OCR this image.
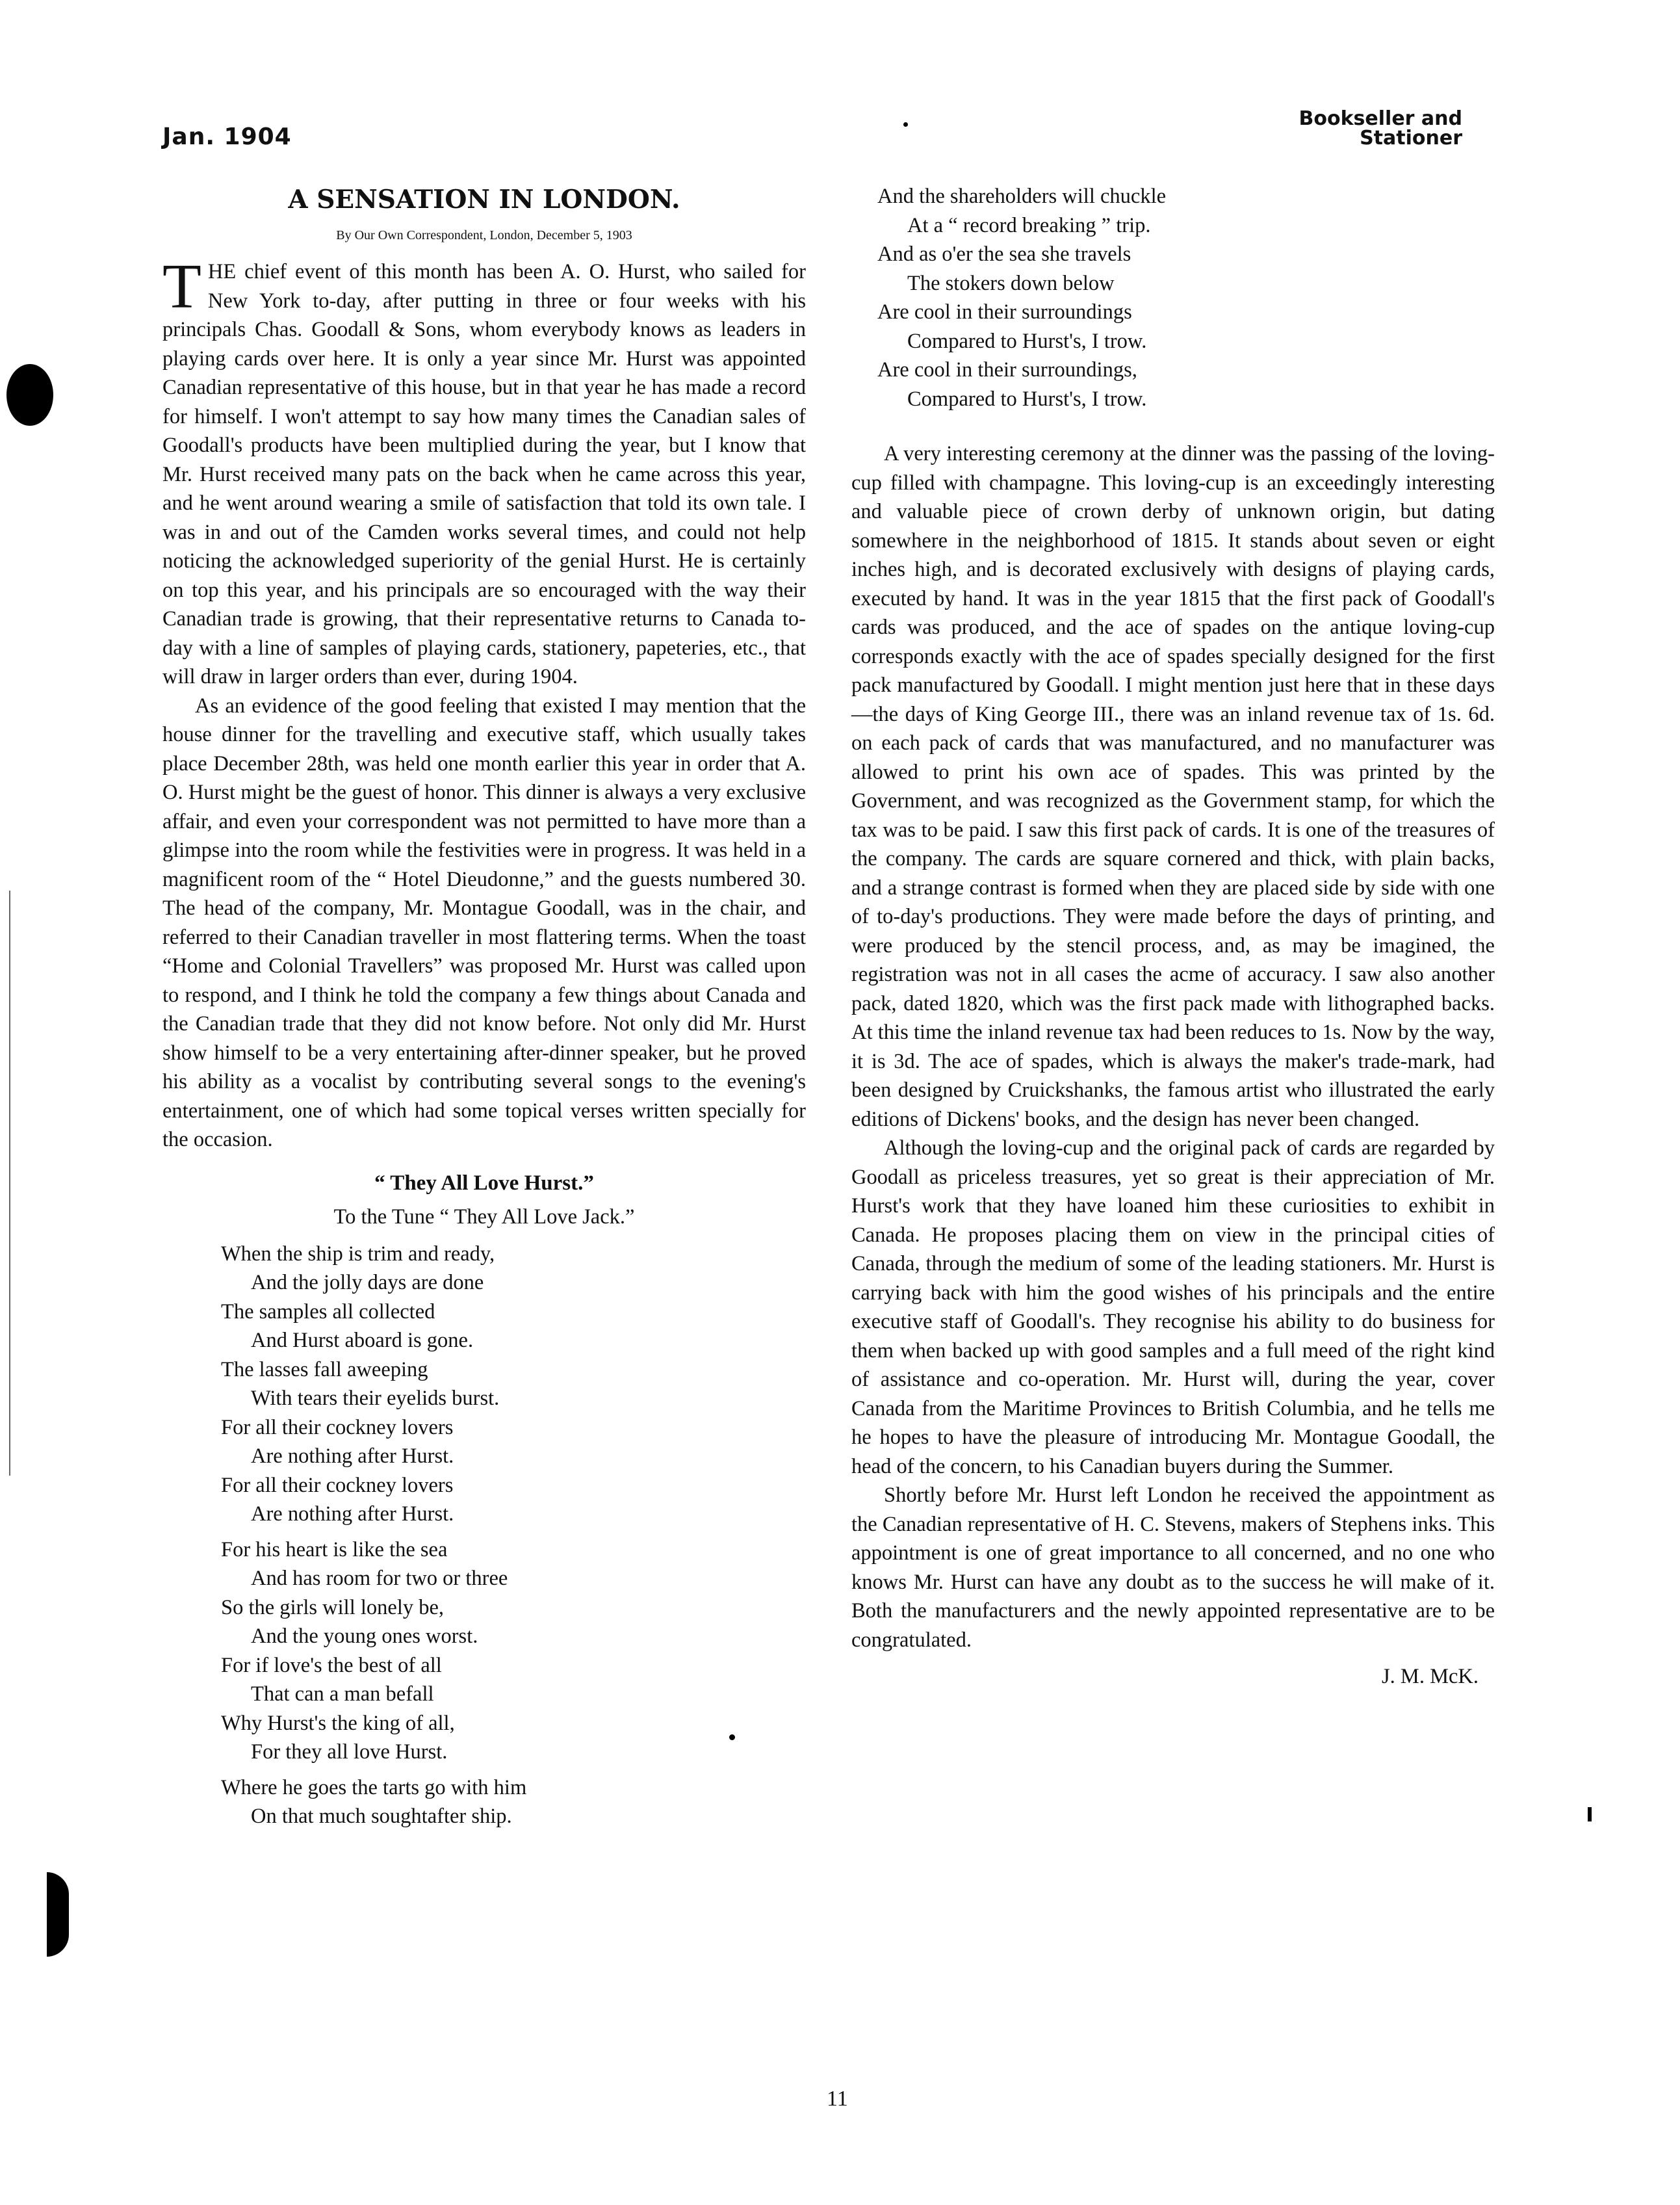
Jan. 1904
Bookseller and
Stationer
A SENSATION IN LONDON.
By Our Own Correspondent, London, December 5, 1903

THE chief event of this month has been A. O. Hurst, who sailed for New York to-day, after putting in three or four weeks with his principals Chas. Goodall & Sons, whom everybody knows as leaders in playing cards over here. It is only a year since Mr. Hurst was appointed Canadian representative of this house, but in that year he has made a record for himself. I won't attempt to say how many times the Canadian sales of Goodall's products have been multiplied during the year, but I know that Mr. Hurst received many pats on the back when he came across this year, and he went around wearing a smile of satisfaction that told its own tale. I was in and out of the Camden works several times, and could not help noticing the acknowledged superiority of the genial Hurst. He is certainly on top this year, and his principals are so encouraged with the way their Canadian trade is growing, that their representative returns to Canada to-day with a line of samples of playing cards, stationery, papeteries, etc., that will draw in larger orders than ever, during 1904.

As an evidence of the good feeling that existed I may mention that the house dinner for the travelling and executive staff, which usually takes place December 28th, was held one month earlier this year in order that A. O. Hurst might be the guest of honor. This dinner is always a very exclusive affair, and even your correspondent was not permitted to have more than a glimpse into the room while the festivities were in progress. It was held in a magnificent room of the “ Hotel Dieudonne,” and the guests numbered 30. The head of the company, Mr. Montague Goodall, was in the chair, and referred to their Canadian traveller in most flattering terms. When the toast “Home and Colonial Travellers” was proposed Mr. Hurst was called upon to respond, and I think he told the company a few things about Canada and the Canadian trade that they did not know before. Not only did Mr. Hurst show himself to be a very entertaining after-dinner speaker, but he proved his ability as a vocalist by contributing several songs to the evening's entertainment, one of which had some topical verses written specially for the occasion.

“ They All Love Hurst.”
To the Tune “ They All Love Jack.”
When the ship is trim and ready,
And the jolly days are done
The samples all collected
And Hurst aboard is gone.
The lasses fall aweeping
With tears their eyelids burst.
For all their cockney lovers
Are nothing after Hurst.
For all their cockney lovers
Are nothing after Hurst.
For his heart is like the sea
And has room for two or three
So the girls will lonely be,
And the young ones worst.
For if love's the best of all
That can a man befall
Why Hurst's the king of all,
For they all love Hurst.
Where he goes the tarts go with him
On that much soughtafter ship.
And the shareholders will chuckle
At a “ record breaking ” trip.
And as o'er the sea she travels
The stokers down below
Are cool in their surroundings
Compared to Hurst's, I trow.
Are cool in their surroundings,
Compared to Hurst's, I trow.

A very interesting ceremony at the dinner was the passing of the loving-cup filled with champagne. This loving-cup is an exceedingly interesting and valuable piece of crown derby of unknown origin, but dating somewhere in the neighborhood of 1815. It stands about seven or eight inches high, and is decorated exclusively with designs of playing cards, executed by hand. It was in the year 1815 that the first pack of Goodall's cards was produced, and the ace of spades on the antique loving-cup corresponds exactly with the ace of spades specially designed for the first pack manufactured by Goodall. I might mention just here that in these days—the days of King George III., there was an inland revenue tax of 1s. 6d. on each pack of cards that was manufactured, and no manufacturer was allowed to print his own ace of spades. This was printed by the Government, and was recognized as the Government stamp, for which the tax was to be paid. I saw this first pack of cards. It is one of the treasures of the company. The cards are square cornered and thick, with plain backs, and a strange contrast is formed when they are placed side by side with one of to-day's productions. They were made before the days of printing, and were produced by the stencil process, and, as may be imagined, the registration was not in all cases the acme of accuracy. I saw also another pack, dated 1820, which was the first pack made with lithographed backs. At this time the inland revenue tax had been reduces to 1s. Now by the way, it is 3d. The ace of spades, which is always the maker's trade-mark, had been designed by Cruickshanks, the famous artist who illustrated the early editions of Dickens' books, and the design has never been changed.

Although the loving-cup and the original pack of cards are regarded by Goodall as priceless treasures, yet so great is their appreciation of Mr. Hurst's work that they have loaned him these curiosities to exhibit in Canada. He proposes placing them on view in the principal cities of Canada, through the medium of some of the leading stationers. Mr. Hurst is carrying back with him the good wishes of his principals and the entire executive staff of Goodall's. They recognise his ability to do business for them when backed up with good samples and a full meed of the right kind of assistance and co-operation. Mr. Hurst will, during the year, cover Canada from the Maritime Provinces to British Columbia, and he tells me he hopes to have the pleasure of introducing Mr. Montague Goodall, the head of the concern, to his Canadian buyers during the Summer.

Shortly before Mr. Hurst left London he received the appointment as the Canadian representative of H. C. Stevens, makers of Stephens inks. This appointment is one of great importance to all concerned, and no one who knows Mr. Hurst can have any doubt as to the success he will make of it. Both the manufacturers and the newly appointed representative are to be congratulated.

J. M. McK.
11
